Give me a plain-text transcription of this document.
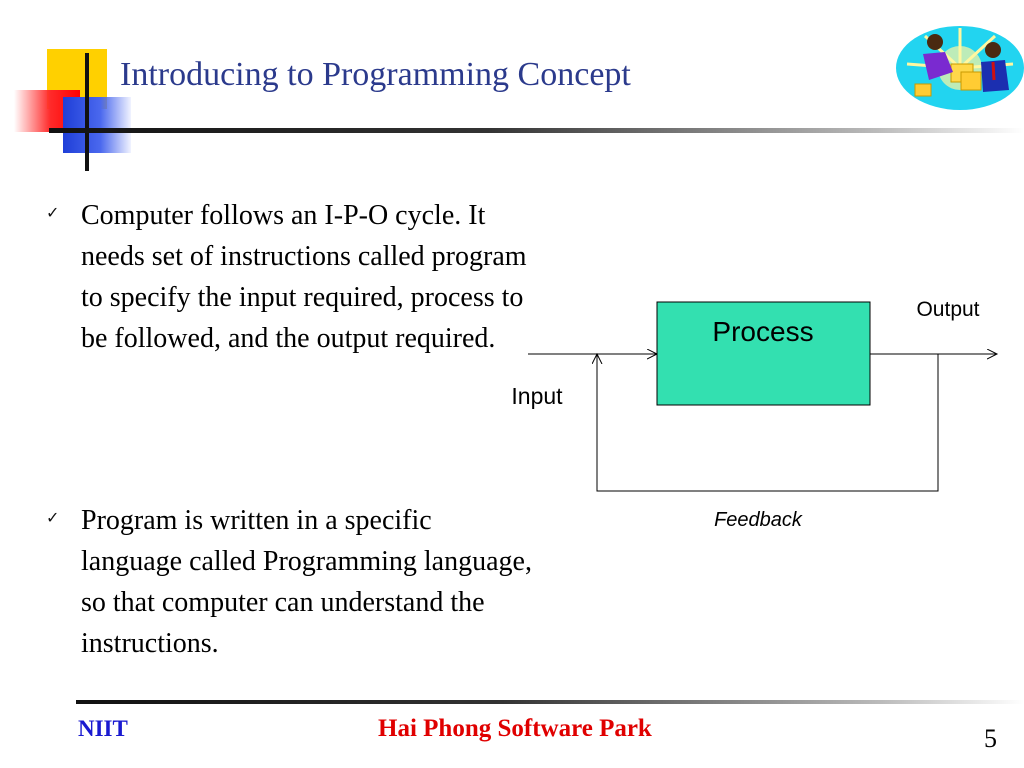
Introducing to Programming Concept
✓ Computer follows an I-P-O cycle. It needs set of instructions called program to specify the input required, process to be followed, and the output required.
✓ Program is written in a specific language called Programming language, so that computer can understand the instructions.
Process
Output
Input
Feedback
NIIT	Hai Phong Software Park	5
